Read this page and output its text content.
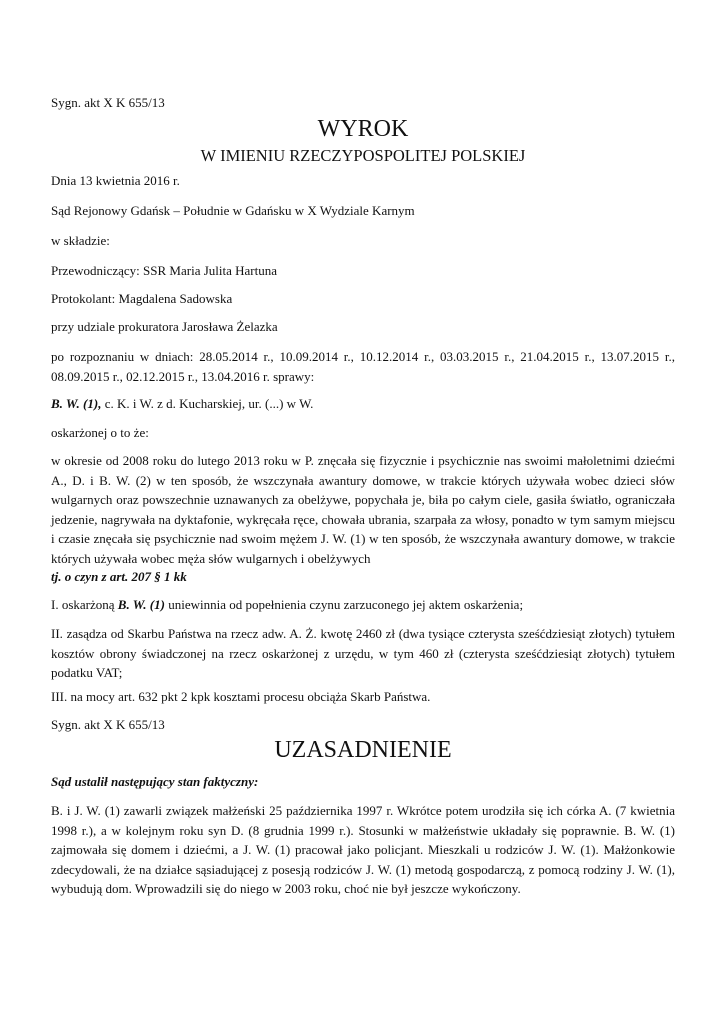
Sygn. akt X K 655/13

WYROK
W IMIENIU RZECZYPOSPOLITEJ POLSKIEJ

Dnia 13 kwietnia 2016 r.

Sąd Rejonowy Gdańsk – Południe w Gdańsku w X Wydziale Karnym

w składzie:

Przewodniczący: SSR Maria Julita Hartuna

Protokolant: Magdalena Sadowska

przy udziale prokuratora Jarosława Żelazka

po rozpoznaniu w dniach: 28.05.2014 r., 10.09.2014 r., 10.12.2014 r., 03.03.2015 r., 21.04.2015 r., 13.07.2015 r., 08.09.2015 r., 02.12.2015 r., 13.04.2016 r. sprawy:

B. W. (1), c. K. i W. z d. Kucharskiej, ur. (...) w W.

oskarżonej o to że:

w okresie od 2008 roku do lutego 2013 roku w P. znęcała się fizycznie i psychicznie nas swoimi małoletnimi dziećmi A., D. i B. W. (2) w ten sposób, że wszczynała awantury domowe, w trakcie których używała wobec dzieci słów wulgarnych oraz powszechnie uznawanych za obelżywe, popychała je, biła po całym ciele, gasiła światło, ograniczała jedzenie, nagrywała na dyktafonie, wykręcała ręce, chowała ubrania, szarpała za włosy, ponadto w tym samym miejscu i czasie znęcała się psychicznie nad swoim mężem J. W. (1) w ten sposób, że wszczynała awantury domowe, w trakcie których używała wobec męża słów wulgarnych i obelżywych

tj. o czyn z art. 207 § 1 kk

I. oskarżoną B. W. (1) uniewinnia od popełnienia czynu zarzuconego jej aktem oskarżenia;

II. zasądza od Skarbu Państwa na rzecz adw. A. Ż. kwotę 2460 zł (dwa tysiące czterysta sześćdziesiąt złotych) tytułem kosztów obrony świadczonej na rzecz oskarżonej z urzędu, w tym 460 zł (czterysta sześćdziesiąt złotych) tytułem podatku VAT;

III. na mocy art. 632 pkt 2 kpk kosztami procesu obciąża Skarb Państwa.

Sygn. akt X K 655/13

UZASADNIENIE

Sąd ustalił następujący stan faktyczny:

B. i J. W. (1) zawarli związek małżeński 25 października 1997 r. Wkrótce potem urodziła się ich córka A. (7 kwietnia 1998 r.), a w kolejnym roku syn D. (8 grudnia 1999 r.). Stosunki w małżeństwie układały się poprawnie. B. W. (1) zajmowała się domem i dziećmi, a J. W. (1) pracował jako policjant. Mieszkali u rodziców J. W. (1). Małżonkowie zdecydowali, że na działce sąsiadującej z posesją rodziców J. W. (1) metodą gospodarczą, z pomocą rodziny J. W. (1), wybudują dom. Wprowadzili się do niego w 2003 roku, choć nie był jeszcze wykończony.
